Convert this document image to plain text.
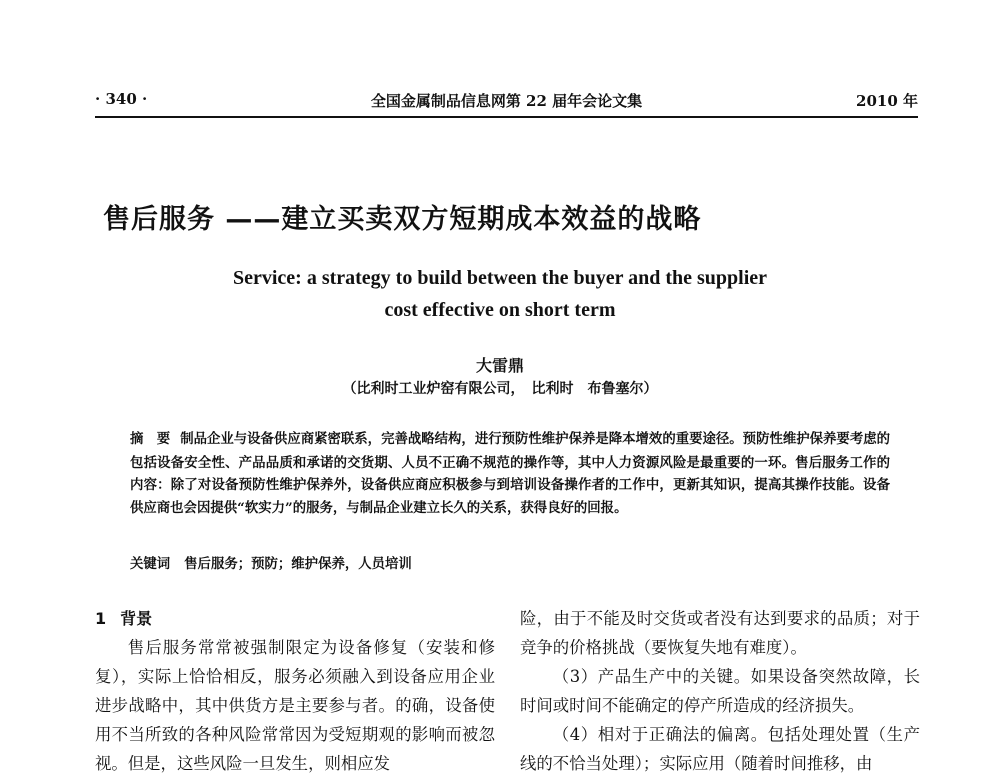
· 340 ·	全国金属制品信息网第 22 届年会论文集	2010 年
售后服务 ——建立买卖双方短期成本效益的战略
Service: a strategy to build between the buyer and the supplier
cost effective on short term
大雷鼎
（比利时工业炉窑有限公司，　比利时　布鲁塞尔）
摘　要 制品企业与设备供应商紧密联系，完善战略结构，进行预防性维护保养是降本增效的重要途径。预防性维护保养要考虑的包括设备安全性、产品品质和承诺的交货期、人员不正确不规范的操作等，其中人力资源风险是最重要的一环。售后服务工作的内容：除了对设备预防性维护保养外，设备供应商应积极参与到培训设备操作者的工作中，更新其知识，提高其操作技能。设备供应商也会因提供“软实力”的服务，与制品企业建立长久的关系，获得良好的回报。
关键词 售后服务；预防；维护保养，人员培训
1 背景

售后服务常常被强制限定为设备修复（安装和修复），实际上恰恰相反，服务必须融入到设备应用企业进步战略中，其中供货方是主要参与者。的确，设备使用不当所致的各种风险常常因为受短期观的影响而被忽视。但是，这些风险一旦发生，则相应发

险，由于不能及时交货或者没有达到要求的品质；对于竞争的价格挑战（要恢复失地有难度）。

（3）产品生产中的关键。如果设备突然故障，长时间或时间不能确定的停产所造成的经济损失。

（4）相对于正确法的偏离。包括处理处置（生产线的不恰当处理）；实际应用（随着时间推移，由
